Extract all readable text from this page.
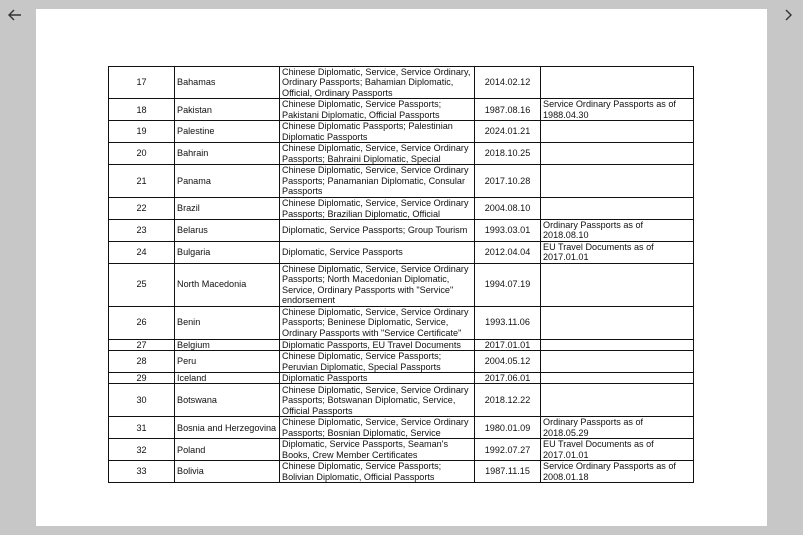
17	Bahamas	Chinese Diplomatic, Service, Service Ordinary, Ordinary Passports; Bahamian Diplomatic, Official, Ordinary Passports	2014.02.12	
18	Pakistan	Chinese Diplomatic, Service Passports; Pakistani Diplomatic, Official Passports	1987.08.16	Service Ordinary Passports as of 1988.04.30
19	Palestine	Chinese Diplomatic Passports; Palestinian Diplomatic Passports	2024.01.21	
20	Bahrain	Chinese Diplomatic, Service, Service Ordinary Passports; Bahraini Diplomatic, Special	2018.10.25	
21	Panama	Chinese Diplomatic, Service, Service Ordinary Passports; Panamanian Diplomatic, Consular Passports	2017.10.28	
22	Brazil	Chinese Diplomatic, Service, Service Ordinary Passports; Brazilian Diplomatic, Official	2004.08.10	
23	Belarus	Diplomatic, Service Passports; Group Tourism	1993.03.01	Ordinary Passports as of 2018.08.10
24	Bulgaria	Diplomatic, Service Passports	2012.04.04	EU Travel Documents as of 2017.01.01
25	North Macedonia	Chinese Diplomatic, Service, Service Ordinary Passports; North Macedonian Diplomatic, Service, Ordinary Passports with "Service" endorsement	1994.07.19	
26	Benin	Chinese Diplomatic, Service, Service Ordinary Passports; Beninese Diplomatic, Service, Ordinary Passports with "Service Certificate"	1993.11.06	
27	Belgium	Diplomatic Passports, EU Travel Documents	2017.01.01	
28	Peru	Chinese Diplomatic, Service Passports; Peruvian Diplomatic, Special Passports	2004.05.12	
29	Iceland	Diplomatic Passports	2017.06.01	
30	Botswana	Chinese Diplomatic, Service, Service Ordinary Passports; Botswanan Diplomatic, Service, Official Passports	2018.12.22	
31	Bosnia and Herzegovina	Chinese Diplomatic, Service, Service Ordinary Passports; Bosnian Diplomatic, Service	1980.01.09	Ordinary Passports as of 2018.05.29
32	Poland	Diplomatic, Service Passports, Seaman's Books, Crew Member Certificates	1992.07.27	EU Travel Documents as of 2017.01.01
33	Bolivia	Chinese Diplomatic, Service Passports; Bolivian Diplomatic, Official Passports	1987.11.15	Service Ordinary Passports as of 2008.01.18
